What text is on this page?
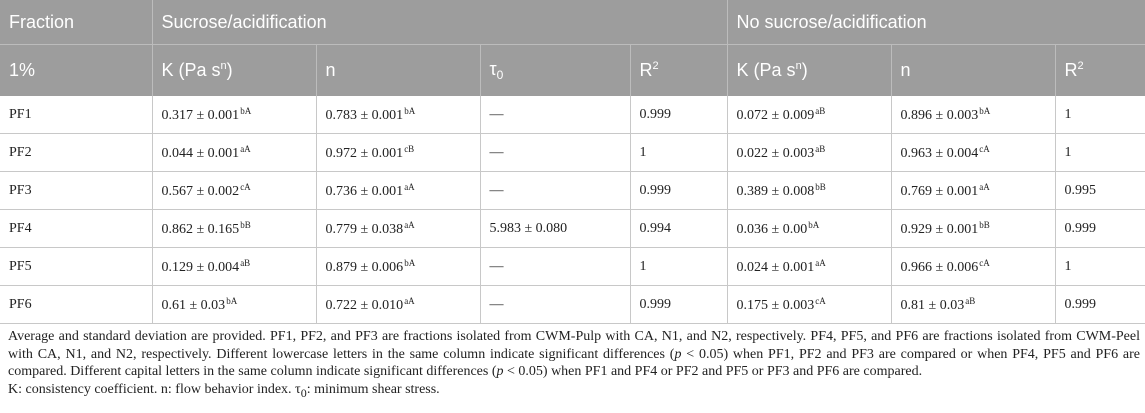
Fraction	Sucrose/acidification				No sucrose/acidification		
1%	K (Pa $s^n$)	n	$\tau_0$	$R^2$	K (Pa $s^n$)	n	$R^2$
PF1	$0.317 \pm 0.001^{bA}$	$0.783 \pm 0.001^{bA}$	—	0.999	$0.072 \pm 0.009^{aB}$	$0.896 \pm 0.003^{bA}$	1
PF2	$0.044 \pm 0.001^{aA}$	$0.972 \pm 0.001^{cB}$	—	1	$0.022 \pm 0.003^{aB}$	$0.963 \pm 0.004^{cA}$	1
PF3	$0.567 \pm 0.002^{cA}$	$0.736 \pm 0.001^{aA}$	—	0.999	$0.389 \pm 0.008^{bB}$	$0.769 \pm 0.001^{aA}$	0.995
PF4	$0.862 \pm 0.165^{bB}$	$0.779 \pm 0.038^{aA}$	5.983 ± 0.080	0.994	$0.036 \pm 0.00^{bA}$	$0.929 \pm 0.001^{bB}$	0.999
PF5	$0.129 \pm 0.004^{aB}$	$0.879 \pm 0.006^{bA}$	—	1	$0.024 \pm 0.001^{aA}$	$0.966 \pm 0.006^{cA}$	1
PF6	$0.61 \pm 0.03^{bA}$	$0.722 \pm 0.010^{aA}$	—	0.999	$0.175 \pm 0.003^{cA}$	$0.81 \pm 0.03^{aB}$	0.999

Average and standard deviation are provided. PF1, PF2, and PF3 are fractions isolated from CWM-Pulp with CA, N1, and N2, respectively. PF4, PF5, and PF6 are fractions isolated from CWM-Peel with CA, N1, and N2, respectively. Different lowercase letters in the same column indicate significant differences (p < 0.05) when PF1, PF2 and PF3 are compared or when PF4, PF5 and PF6 are compared. Different capital letters in the same column indicate significant differences (p < 0.05) when PF1 and PF4 or PF2 and PF5 or PF3 and PF6 are compared.

K: consistency coefficient. n: flow behavior index. τ0: minimum shear stress.
